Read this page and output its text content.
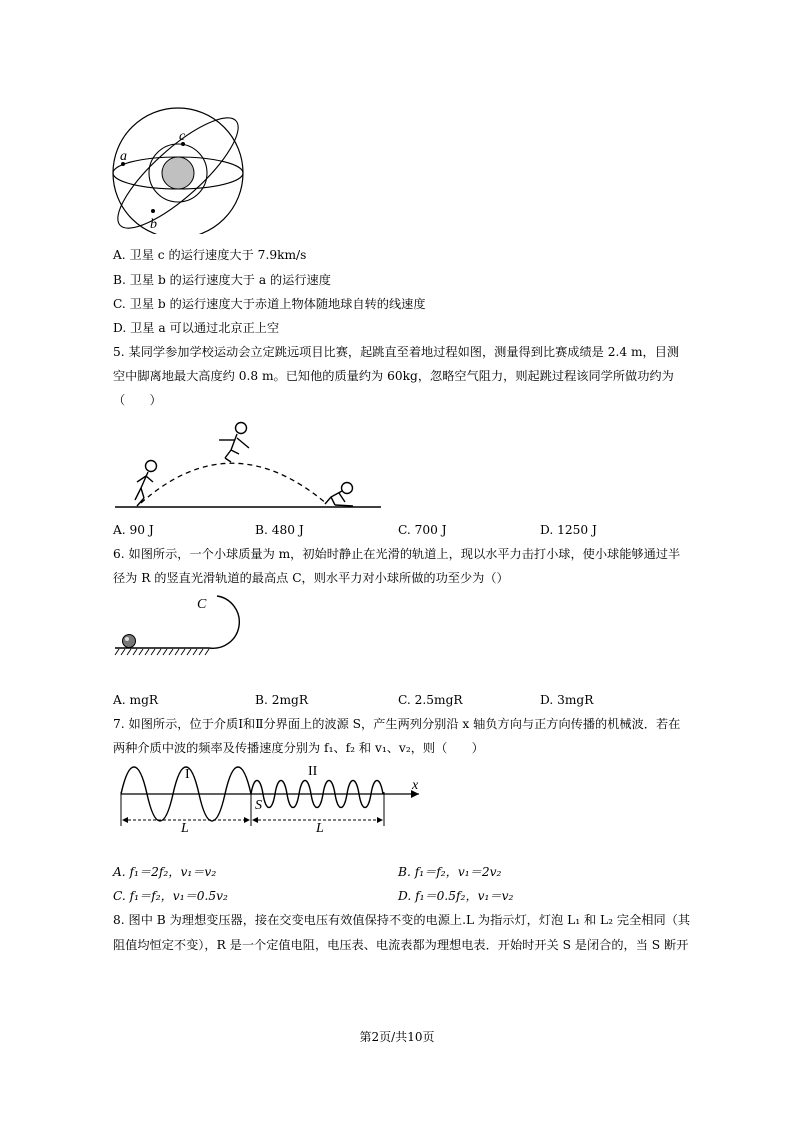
a
b
c
A. 卫星 c 的运行速度大于 7.9km/s
B. 卫星 b 的运行速度大于 a 的运行速度
C. 卫星 b 的运行速度大于赤道上物体随地球自转的线速度
D. 卫星 a 可以通过北京正上空
5. 某同学参加学校运动会立定跳远项目比赛，起跳直至着地过程如图，测量得到比赛成绩是 2.4 m，目测
空中脚离地最大高度约 0.8 m。已知他的质量约为 60kg，忽略空气阻力，则起跳过程该同学所做功约为
（　　）
A. 90 J	B. 480 J	C. 700 J	D. 1250 J
6. 如图所示，一个小球质量为 m，初始时静止在光滑的轨道上，现以水平力击打小球，使小球能够通过半
径为 R 的竖直光滑轨道的最高点 C，则水平力对小球所做的功至少为（）
C
A. mgR	B. 2mgR	C. 2.5mgR	D. 3mgR
7. 如图所示，位于介质Ⅰ和Ⅱ分界面上的波源 S，产生两列分别沿 x 轴负方向与正方向传播的机械波．若在
两种介质中波的频率及传播速度分别为 f₁、f₂ 和 v₁、v₂，则（　　）
I	II
x
S
L	L
A. f₁＝2f₂，v₁＝v₂	B. f₁＝f₂，v₁＝2v₂
C. f₁＝f₂，v₁＝0.5v₂	D. f₁＝0.5f₂，v₁＝v₂
8. 图中 B 为理想变压器，接在交变电压有效值保持不变的电源上.L 为指示灯，灯泡 L₁ 和 L₂ 完全相同（其
阻值均恒定不变），R 是一个定值电阻，电压表、电流表都为理想电表．开始时开关 S 是闭合的，当 S 断开
第2页/共10页
